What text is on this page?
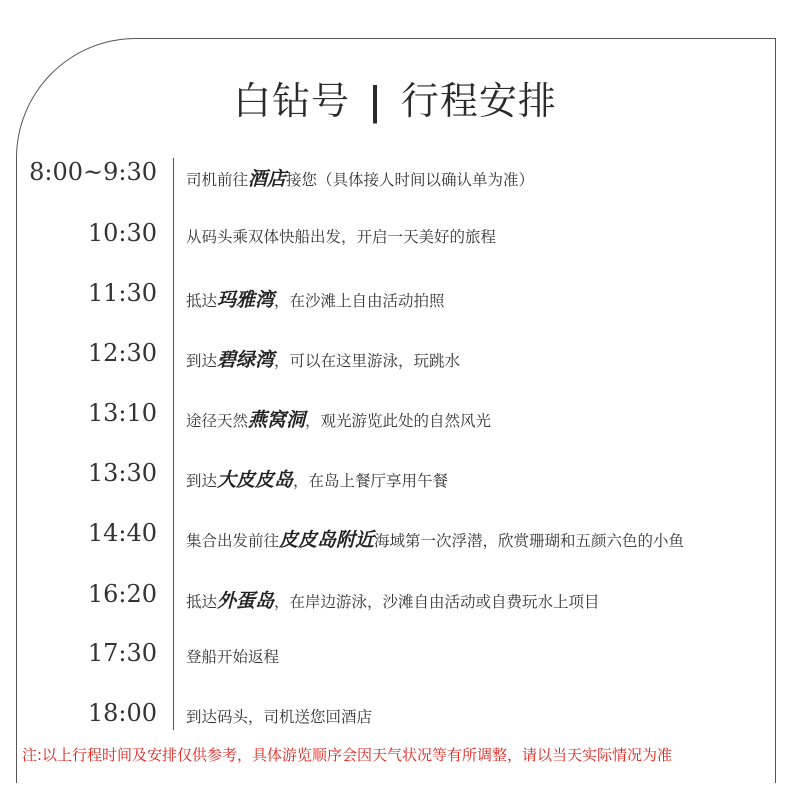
白钻号 | 行程安排
8:00~9:30 司机前往酒店接您（具体接人时间以确认单为准）
10:30 从码头乘双体快船出发，开启一天美好的旅程
11:30 抵达玛雅湾，在沙滩上自由活动拍照
12:30 到达碧绿湾，可以在这里游泳，玩跳水
13:10 途径天然燕窝洞，观光游览此处的自然风光
13:30 到达大皮皮岛，在岛上餐厅享用午餐
14:40 集合出发前往皮皮岛附近海域第一次浮潜，欣赏珊瑚和五颜六色的小鱼
16:20 抵达外蛋岛，在岸边游泳，沙滩自由活动或自费玩水上项目
17:30 登船开始返程
18:00 到达码头，司机送您回酒店
注:以上行程时间及安排仅供参考，具体游览顺序会因天气状况等有所调整，请以当天实际情况为准
